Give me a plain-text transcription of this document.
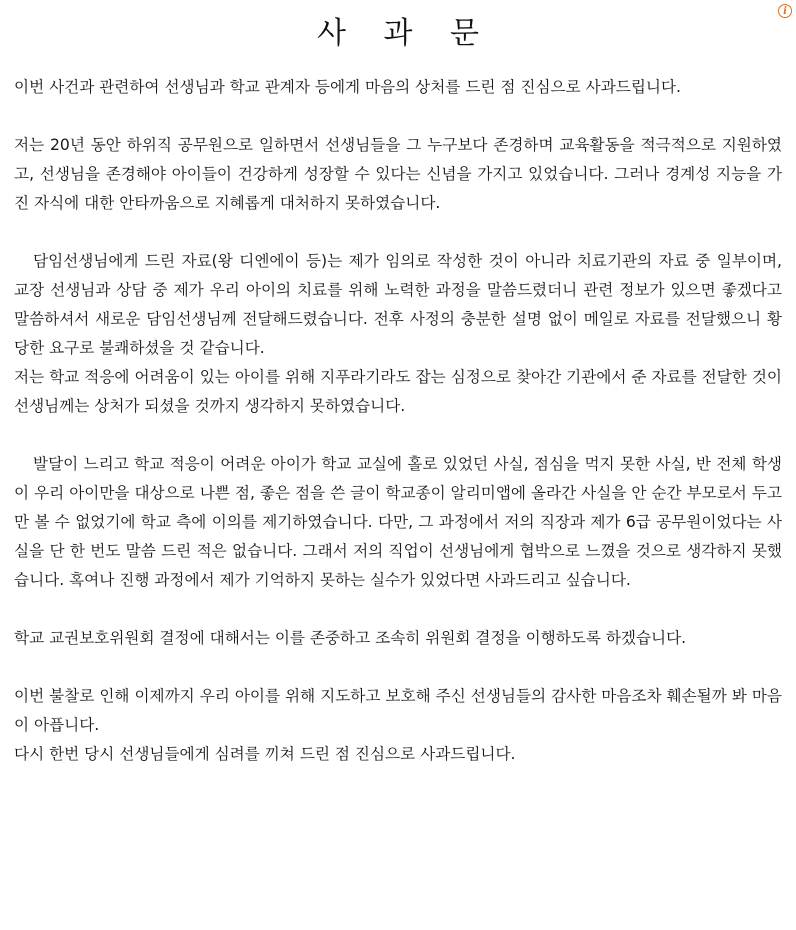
i
사 과 문

이번 사건과 관련하여 선생님과 학교 관계자 등에게 마음의 상처를 드린 점 진심으로 사과드립니다.

저는 20년 동안 하위직 공무원으로 일하면서 선생님들을 그 누구보다 존경하며 교육활동을 적극적으로 지원하였고, 선생님을 존경해야 아이들이 건강하게 성장할 수 있다는 신념을 가지고 있었습니다. 그러나 경계성 지능을 가진 자식에 대한 안타까움으로 지혜롭게 대처하지 못하였습니다.

담임선생님에게 드린 자료(왕 디엔에이 등)는 제가 임의로 작성한 것이 아니라 치료기관의 자료 중 일부이며, 교장 선생님과 상담 중 제가 우리 아이의 치료를 위해 노력한 과정을 말씀드렸더니 관련 정보가 있으면 좋겠다고 말씀하셔서 새로운 담임선생님께 전달해드렸습니다. 전후 사정의 충분한 설명 없이 메일로 자료를 전달했으니 황당한 요구로 불쾌하셨을 것 같습니다.

저는 학교 적응에 어려움이 있는 아이를 위해 지푸라기라도 잡는 심정으로 찾아간 기관에서 준 자료를 전달한 것이 선생님께는 상처가 되셨을 것까지 생각하지 못하였습니다.

발달이 느리고 학교 적응이 어려운 아이가 학교 교실에 홀로 있었던 사실, 점심을 먹지 못한 사실, 반 전체 학생이 우리 아이만을 대상으로 나쁜 점, 좋은 점을 쓴 글이 학교종이 알리미앱에 올라간 사실을 안 순간 부모로서 두고만 볼 수 없었기에 학교 측에 이의를 제기하였습니다. 다만, 그 과정에서 저의 직장과 제가 6급 공무원이었다는 사실을 단 한 번도 말씀 드린 적은 없습니다. 그래서 저의 직업이 선생님에게 협박으로 느꼈을 것으로 생각하지 못했습니다. 혹여나 진행 과정에서 제가 기억하지 못하는 실수가 있었다면 사과드리고 싶습니다.

학교 교권보호위원회 결정에 대해서는 이를 존중하고 조속히 위원회 결정을 이행하도록 하겠습니다.

이번 불찰로 인해 이제까지 우리 아이를 위해 지도하고 보호해 주신 선생님들의 감사한 마음조차 훼손될까 봐 마음이 아픕니다.

다시 한번 당시 선생님들에게 심려를 끼쳐 드린 점 진심으로 사과드립니다.
